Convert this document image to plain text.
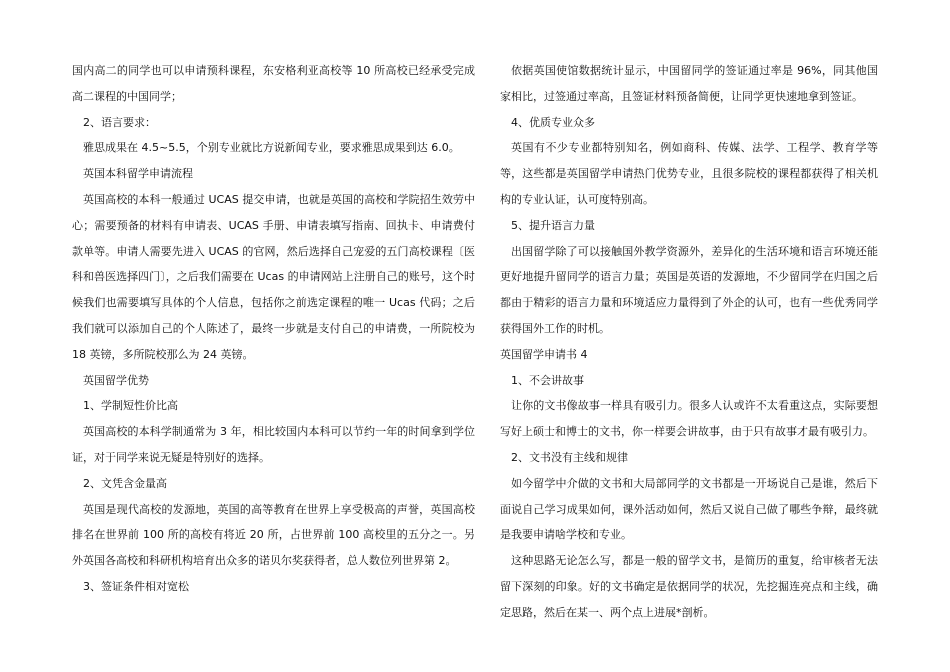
国内高二的同学也可以申请预科课程，东安格利亚高校等 10 所高校已经承受完成高二课程的中国同学；

2、语言要求：

雅思成果在 4.5~5.5，个别专业就比方说新闻专业，要求雅思成果到达 6.0。

英国本科留学申请流程

英国高校的本科一般通过 UCAS 提交申请，也就是英国的高校和学院招生效劳中心；需要预备的材料有申请表、UCAS 手册、申请表填写指南、回执卡、申请费付款单等。申请人需要先进入 UCAS 的官网，然后选择自己宠爱的五门高校课程〔医科和兽医选择四门〕，之后我们需要在 Ucas 的申请网站上注册自己的账号，这个时候我们也需要填写具体的个人信息，包括你之前选定课程的唯一 Ucas 代码；之后我们就可以添加自己的个人陈述了，最终一步就是支付自己的申请费，一所院校为 18 英镑，多所院校那么为 24 英镑。

英国留学优势

1、学制短性价比高

英国高校的本科学制通常为 3 年，相比较国内本科可以节约一年的时间拿到学位证，对于同学来说无疑是特别好的选择。

2、文凭含金量高

英国是现代高校的发源地，英国的高等教育在世界上享受极高的声誉，英国高校排名在世界前 100 所的高校有将近 20 所，占世界前 100 高校里的五分之一。另外英国各高校和科研机构培育出众多的诺贝尔奖获得者，总人数位列世界第 2。

3、签证条件相对宽松

依据英国使馆数据统计显示，中国留同学的签证通过率是 96%，同其他国家相比，过签通过率高，且签证材料预备简便，让同学更快速地拿到签证。

4、优质专业众多

英国有不少专业都特别知名，例如商科、传媒、法学、工程学、教育学等等，这些都是英国留学申请热门优势专业，且很多院校的课程都获得了相关机构的专业认证，认可度特别高。

5、提升语言力量

出国留学除了可以接触国外教学资源外，差异化的生活环境和语言环境还能更好地提升留同学的语言力量；英国是英语的发源地，不少留同学在归国之后都由于精彩的语言力量和环境适应力量得到了外企的认可，也有一些优秀同学获得国外工作的时机。

英国留学申请书 4

1、不会讲故事

让你的文书像故事一样具有吸引力。很多人认或许不太看重这点，实际要想写好上硕士和博士的文书，你一样要会讲故事，由于只有故事才最有吸引力。

2、文书没有主线和规律

如今留学中介做的文书和大局部同学的文书都是一开场说自己是谁，然后下面说自己学习成果如何，课外活动如何，然后又说自己做了哪些争辩，最终就是我要申请啥学校和专业。

这种思路无论怎么写，都是一般的留学文书，是简历的重复，给审核者无法留下深刻的印象。好的文书确定是依据同学的状况，先挖掘连亮点和主线，确定思路，然后在某一、两个点上进展*剖析。
